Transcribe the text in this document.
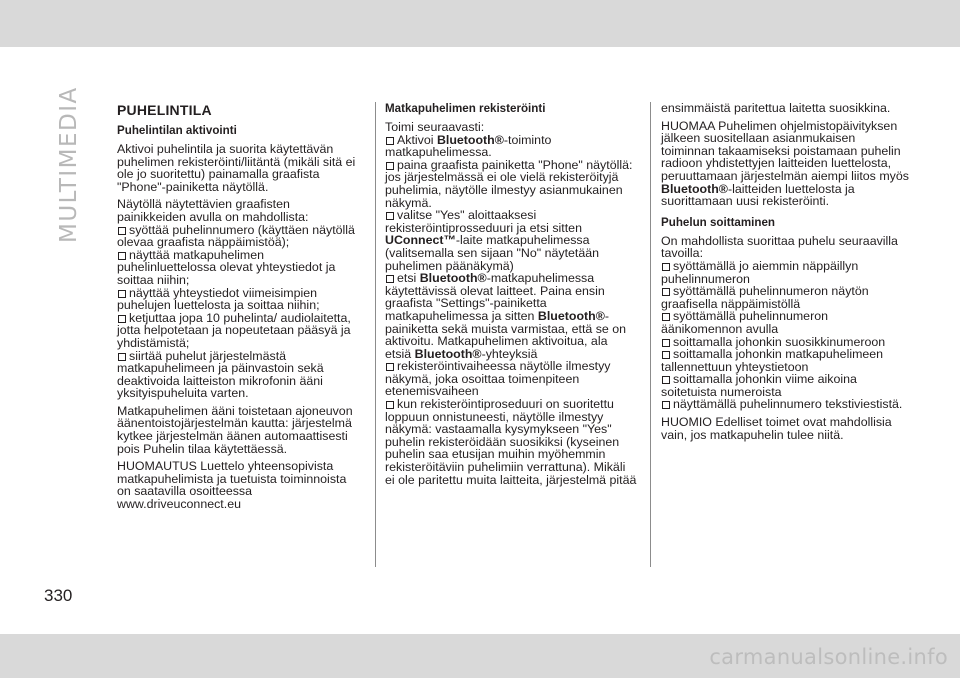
MULTIMEDIA	PUHELINTILA
Puhelintilan aktivointi

Aktivoi puhelintila ja suorita käytettävän puhelimen rekisteröinti/liitäntä (mikäli sitä ei ole jo suoritettu) painamalla graafista "Phone"-painiketta näytöllä.

Näytöllä näytettävien graafisten painikkeiden avulla on mahdollista:

syöttää puhelinnumero (käyttäen näytöllä olevaa graafista näppäimistöä);
näyttää matkapuhelimen puhelinluettelossa olevat yhteystiedot ja soittaa niihin;
näyttää yhteystiedot viimeisimpien puhelujen luettelosta ja soittaa niihin;
ketjuttaa jopa 10 puhelinta/ audiolaitetta, jotta helpotetaan ja nopeutetaan pääsyä ja yhdistämistä;
siirtää puhelut järjestelmästä matkapuhelimeen ja päinvastoin sekä deaktivoida laitteiston mikrofonin ääni yksityispuheluita varten.

Matkapuhelimen ääni toistetaan ajoneuvon äänentoistojärjestelmän kautta: järjestelmä kytkee järjestelmän äänen automaattisesti pois Puhelin tilaa käytettäessä.

HUOMAUTUS Luettelo yhteensopivista matkapuhelimista ja tuetuista toiminnoista on saatavilla osoitteessa www.driveuconnect.eu

Matkapuhelimen rekisteröinti

Toimi seuraavasti:

Aktivoi Bluetooth®-toiminto matkapuhelimessa.
paina graafista painiketta "Phone" näytöllä: jos järjestelmässä ei ole vielä rekisteröityjä puhelimia, näytölle ilmestyy asianmukainen näkymä.
valitse "Yes" aloittaaksesi rekisteröintiprosseduuri ja etsi sitten UConnect™-laite matkapuhelimessa (valitsemalla sen sijaan "No" näytetään puhelimen päänäkymä)
etsi Bluetooth®-matkapuhelimessa käytettävissä olevat laitteet. Paina ensin graafista "Settings"-painiketta matkapuhelimessa ja sitten Bluetooth®-painiketta sekä muista varmistaa, että se on aktivoitu. Matkapuhelimen aktivoitua, ala etsiä Bluetooth®-yhteyksiä
rekisteröintivaiheessa näytölle ilmestyy näkymä, joka osoittaa toimenpiteen etenemisvaiheen
kun rekisteröintiproseduuri on suoritettu loppuun onnistuneesti, näytölle ilmestyy näkymä: vastaamalla kysymykseen "Yes" puhelin rekisteröidään suosikiksi (kyseinen puhelin saa etusijan muihin myöhemmin rekisteröitäviin puhelimiin verrattuna). Mikäli ei ole paritettu muita laitteita, järjestelmä pitää

ensimmäistä paritettua laitetta suosikkina.

HUOMAA Puhelimen ohjelmistopäivityksen jälkeen suositellaan asianmukaisen toiminnan takaamiseksi poistamaan puhelin radioon yhdistettyjen laitteiden luettelosta, peruuttamaan järjestelmän aiempi liitos myös Bluetooth®-laitteiden luettelosta ja suorittamaan uusi rekisteröinti.

Puhelun soittaminen

On mahdollista suorittaa puhelu seuraavilla tavoilla:

syöttämällä jo aiemmin näppäillyn puhelinnumeron
syöttämällä puhelinnumeron näytön graafisella näppäimistöllä
syöttämällä puhelinnumeron äänikomennon avulla
soittamalla johonkin suosikkinumeroon
soittamalla johonkin matkapuhelimeen tallennettuun yhteystietoon
soittamalla johonkin viime aikoina soitetuista numeroista
näyttämällä puhelinnumero tekstiviestistä.

HUOMIO Edelliset toimet ovat mahdollisia vain, jos matkapuhelin tulee niitä.

330
carmanualsonline.info
